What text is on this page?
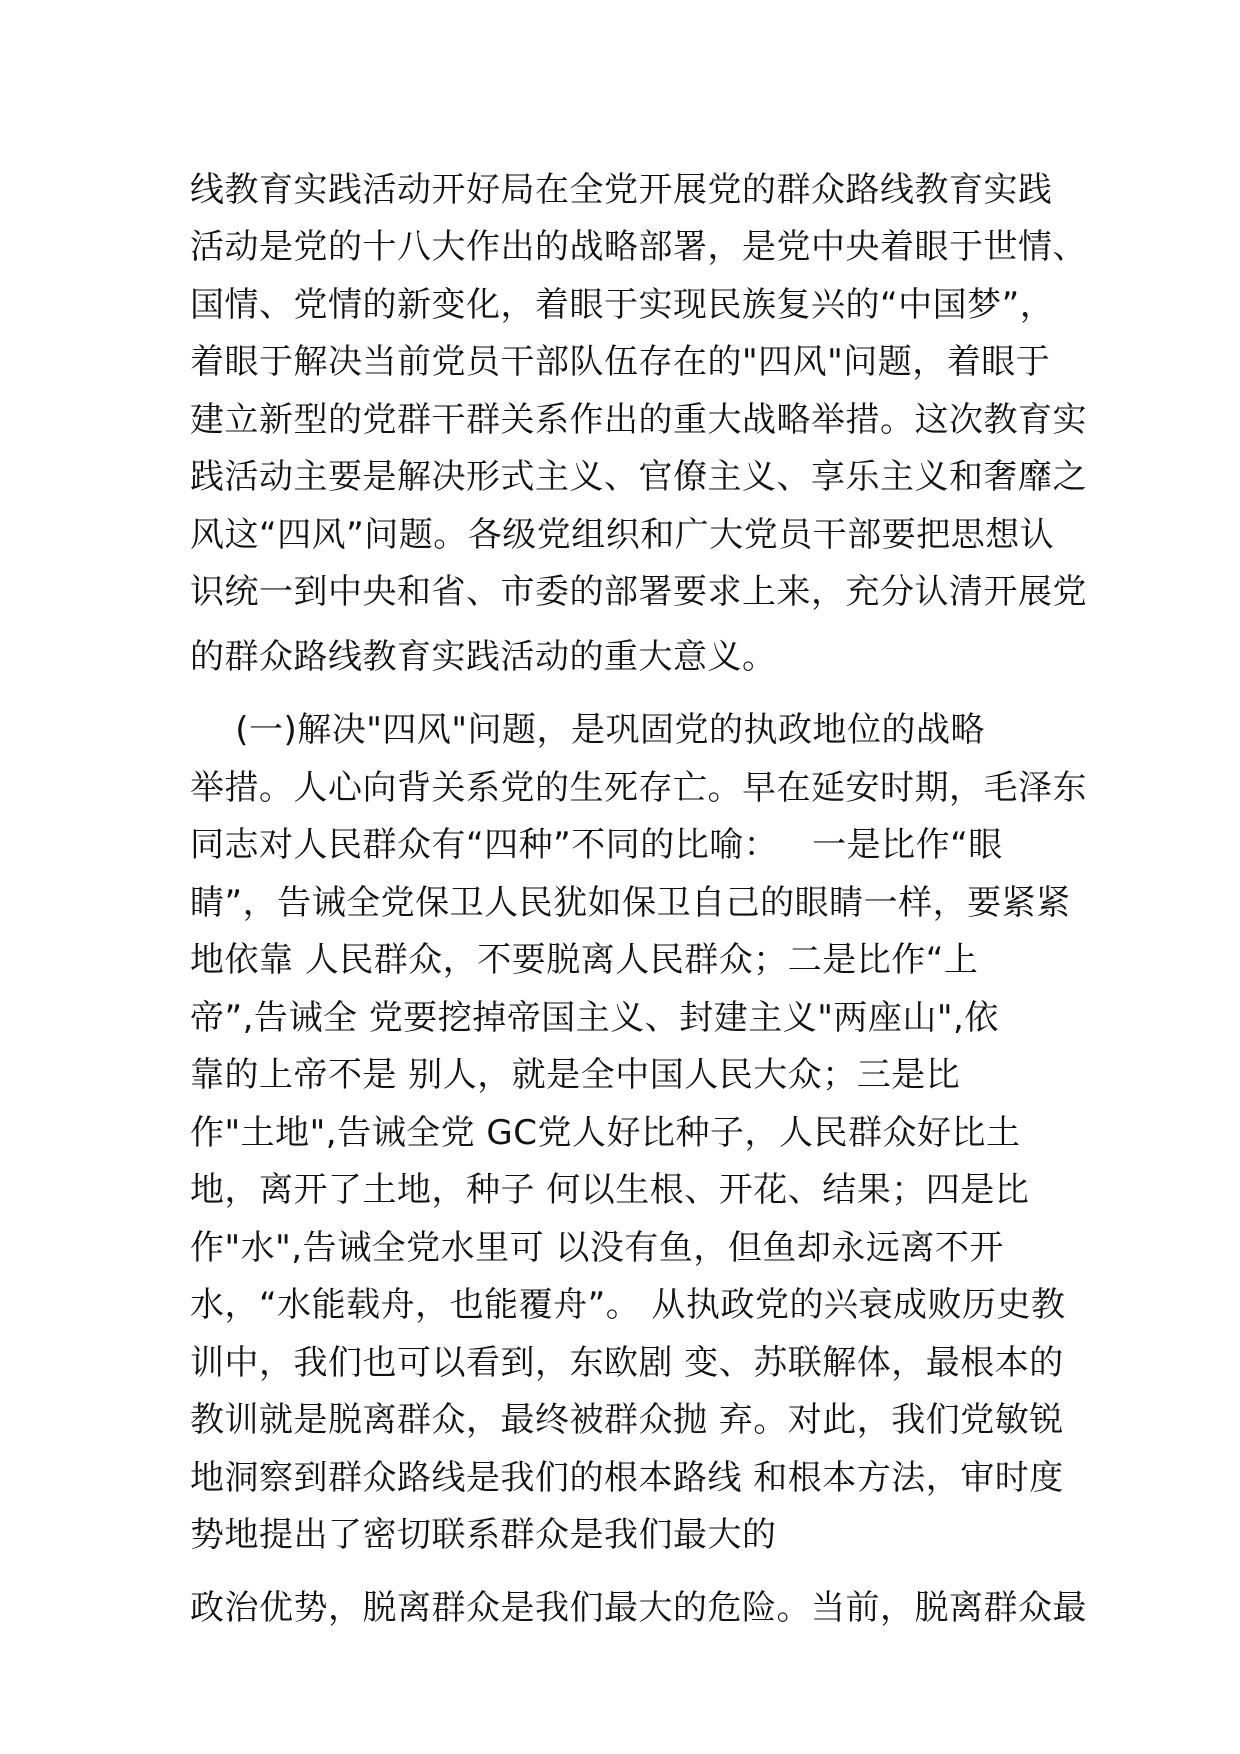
线教育实践活动开好局在全党开展党的群众路线教育实践
活动是党的十八大作出的战略部署，是党中央着眼于世情、
国情、党情的新变化，着眼于实现民族复兴的“中国梦”，
着眼于解决当前党员干部队伍存在的"四风"问题，着眼于
建立新型的党群干群关系作出的重大战略举措。这次教育实
践活动主要是解决形式主义、官僚主义、享乐主义和奢靡之
风这“四风”问题。各级党组织和广大党员干部要把思想认
识统一到中央和省、市委的部署要求上来，充分认清开展党
的群众路线教育实践活动的重大意义。
(一)解决"四风"问题，是巩固党的执政地位的战略
举措。人心向背关系党的生死存亡。早在延安时期，毛泽东
同志对人民群众有“四种”不同的比喻：   一是比作“眼
睛”，告诫全党保卫人民犹如保卫自己的眼睛一样，要紧紧
地依靠 人民群众，不要脱离人民群众；二是比作“上
帝”,告诫全 党要挖掉帝国主义、封建主义"两座山",依
靠的上帝不是 别人，就是全中国人民大众；三是比
作"土地",告诫全党 GC党人好比种子，人民群众好比土
地，离开了土地，种子 何以生根、开花、结果；四是比
作"水",告诫全党水里可 以没有鱼，但鱼却永远离不开
水，“水能载舟，也能覆舟”。 从执政党的兴衰成败历史教
训中，我们也可以看到，东欧剧 变、苏联解体，最根本的
教训就是脱离群众，最终被群众抛 弃。对此，我们党敏锐
地洞察到群众路线是我们的根本路线 和根本方法，审时度
势地提出了密切联系群众是我们最大的
政治优势，脱离群众是我们最大的危险。当前，脱离群众最
